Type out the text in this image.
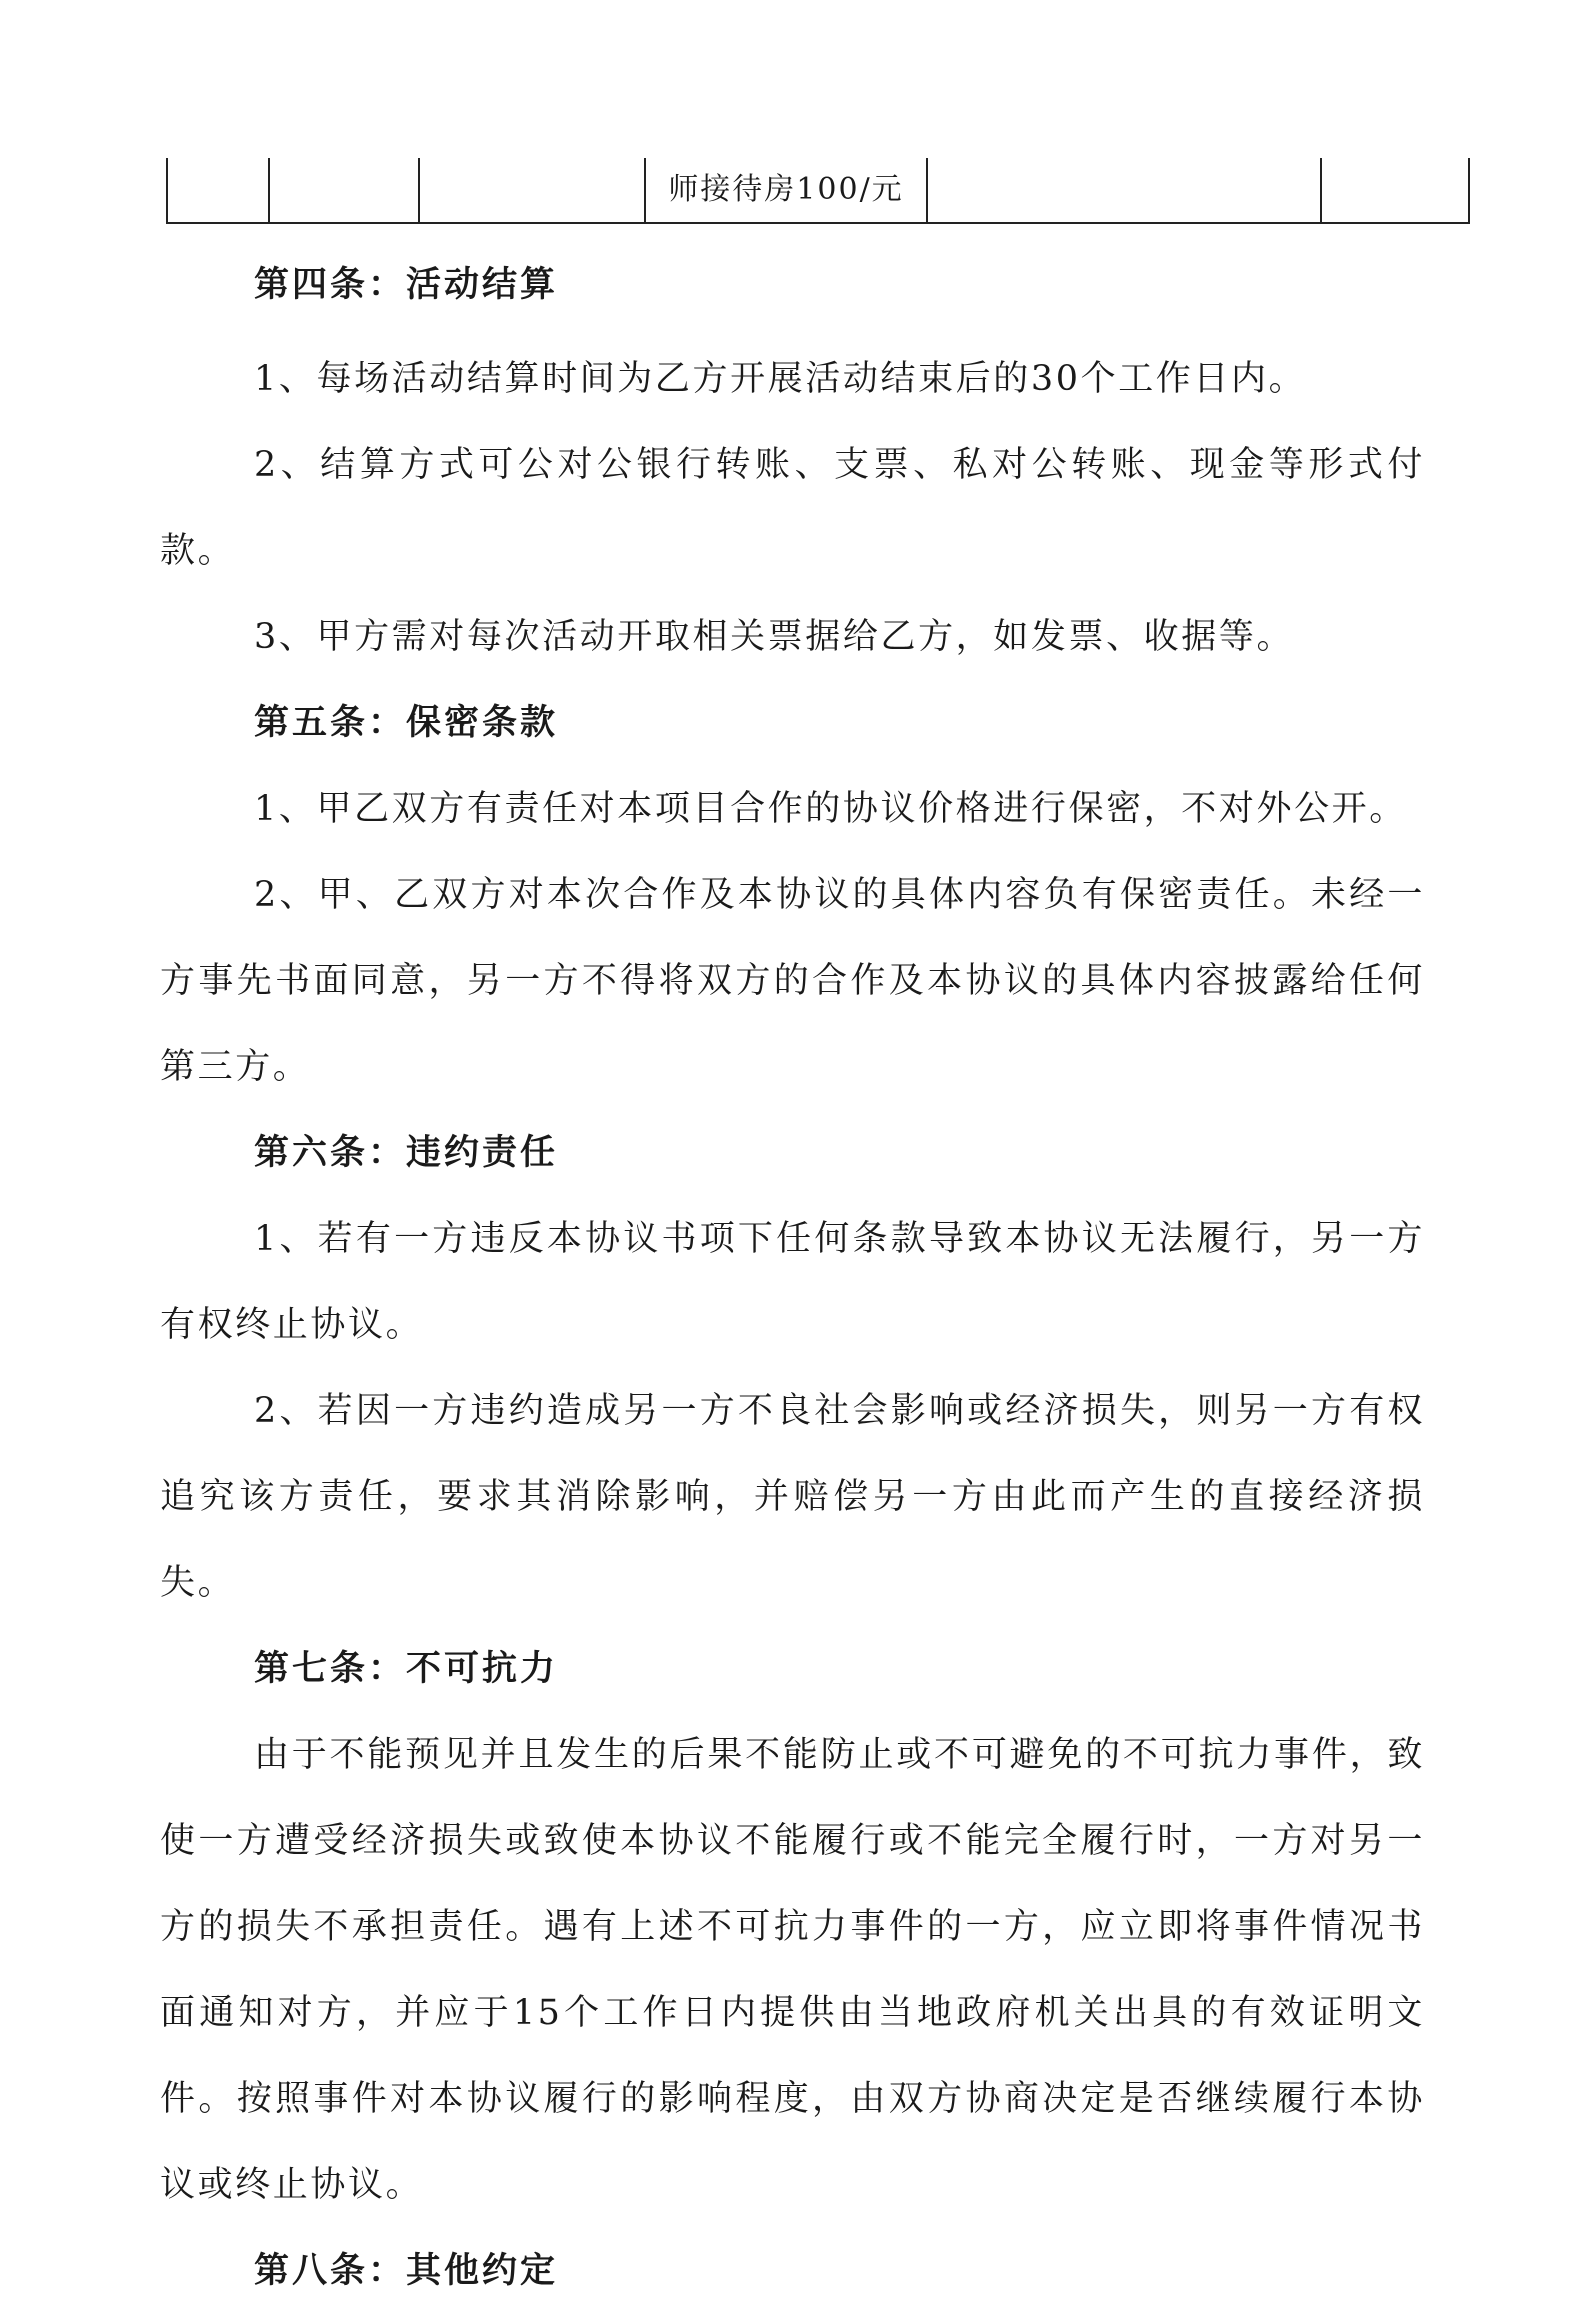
师接待房100/元

第四条：活动结算

1、每场活动结算时间为乙方开展活动结束后的30个工作日内。

2、结算方式可公对公银行转账、支票、私对公转账、现金等形式付款。

3、甲方需对每次活动开取相关票据给乙方，如发票、收据等。

第五条：保密条款

1、甲乙双方有责任对本项目合作的协议价格进行保密，不对外公开。

2、甲、乙双方对本次合作及本协议的具体内容负有保密责任。未经一方事先书面同意，另一方不得将双方的合作及本协议的具体内容披露给任何第三方。

第六条：违约责任

1、若有一方违反本协议书项下任何条款导致本协议无法履行，另一方有权终止协议。

2、若因一方违约造成另一方不良社会影响或经济损失，则另一方有权追究该方责任，要求其消除影响，并赔偿另一方由此而产生的直接经济损失。

第七条：不可抗力

由于不能预见并且发生的后果不能防止或不可避免的不可抗力事件，致使一方遭受经济损失或致使本协议不能履行或不能完全履行时，一方对另一方的损失不承担责任。遇有上述不可抗力事件的一方，应立即将事件情况书面通知对方，并应于15个工作日内提供由当地政府机关出具的有效证明文件。按照事件对本协议履行的影响程度，由双方协商决定是否继续履行本协议或终止协议。

第八条：其他约定
